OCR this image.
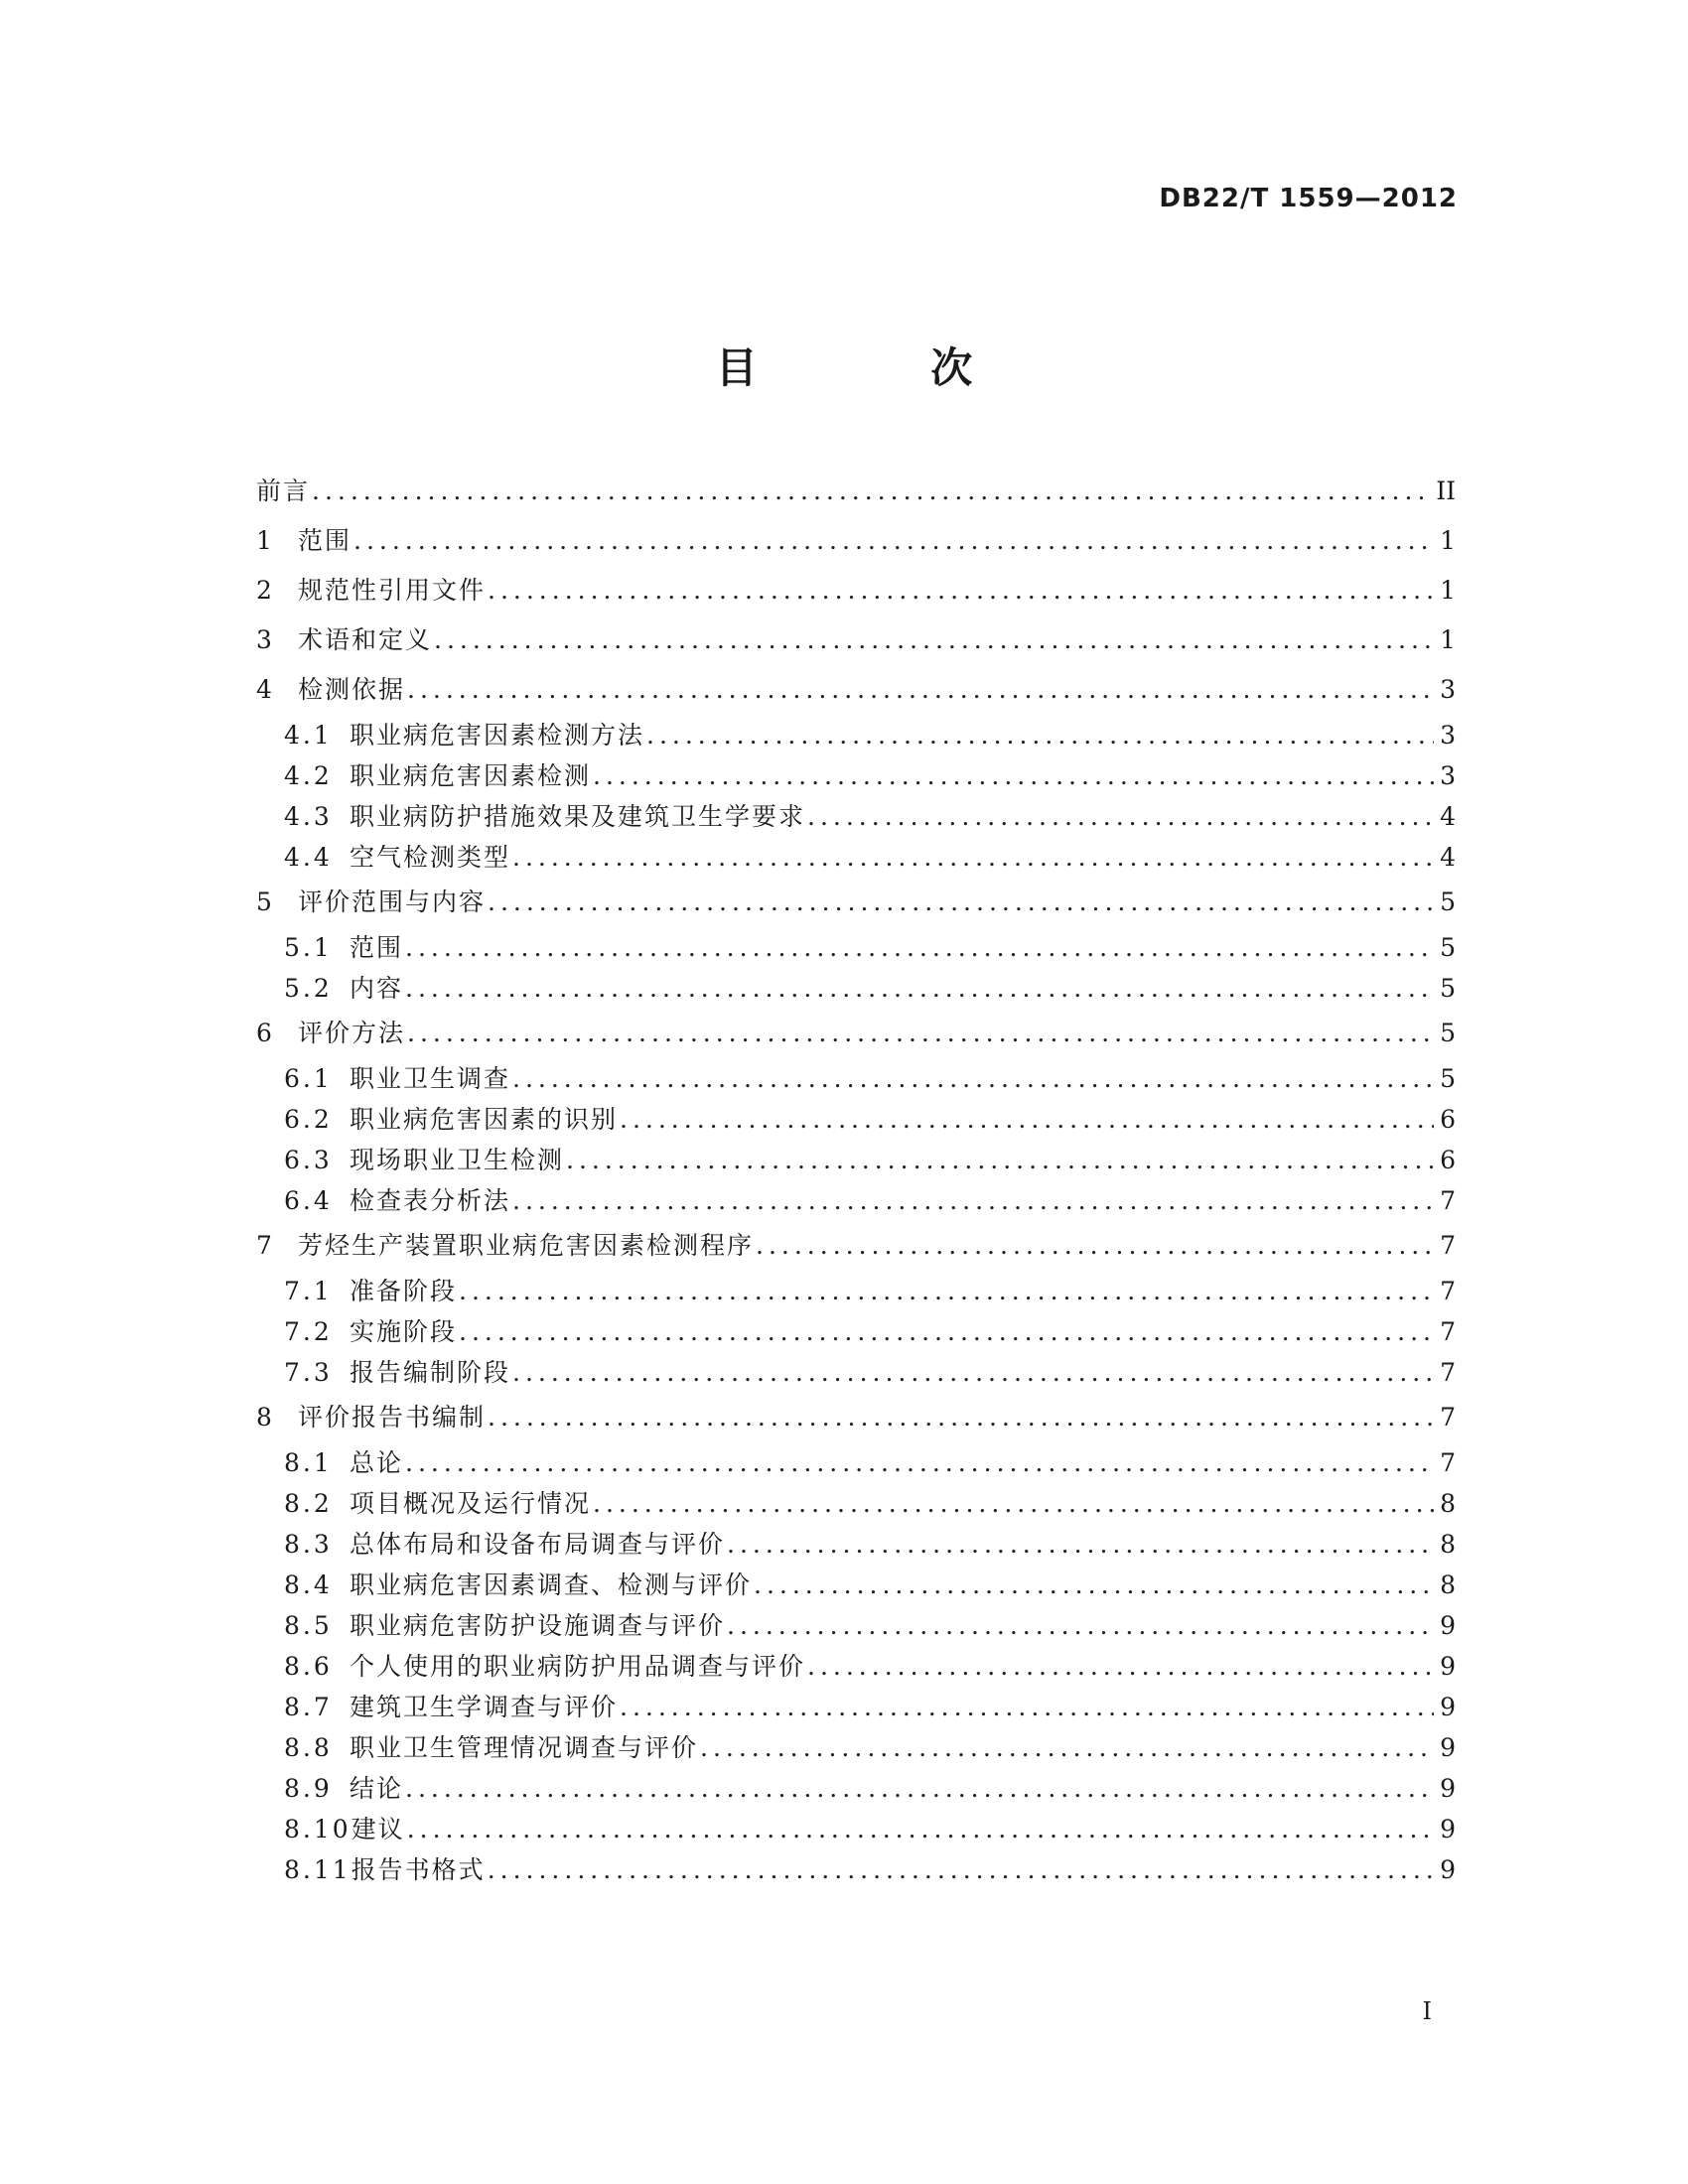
DB22/T 1559—2012
目 次
前言 .....	II
1	范围 .....	1
2	规范性引用文件 .....	1
3	术语和定义 .....	1
4	检测依据 .....	3
4.1 职业病危害因素检测方法 .....	3
4.2 职业病危害因素检测 .....	3
4.3 职业病防护措施效果及建筑卫生学要求 .....	4
4.4 空气检测类型 .....	4
5	评价范围与内容 .....	5
5.1 范围 .....	5
5.2 内容 .....	5
6	评价方法 .....	5
6.1 职业卫生调查 .....	5
6.2 职业病危害因素的识别 .....	6
6.3 现场职业卫生检测 .....	6
6.4 检查表分析法 .....	7
7	芳烃生产装置职业病危害因素检测程序 .....	7
7.1 准备阶段 .....	7
7.2 实施阶段 .....	7
7.3 报告编制阶段 .....	7
8	评价报告书编制 .....	7
8.1 总论 .....	7
8.2 项目概况及运行情况 .....	8
8.3 总体布局和设备布局调查与评价 .....	8
8.4 职业病危害因素调查、检测与评价 .....	8
8.5 职业病危害防护设施调查与评价 .....	9
8.6 个人使用的职业病防护用品调查与评价 .....	9
8.7 建筑卫生学调查与评价 .....	9
8.8 职业卫生管理情况调查与评价 .....	9
8.9 结论 .....	9
8.10 建议 .....	9
8.11 报告书格式 .....	9
I
